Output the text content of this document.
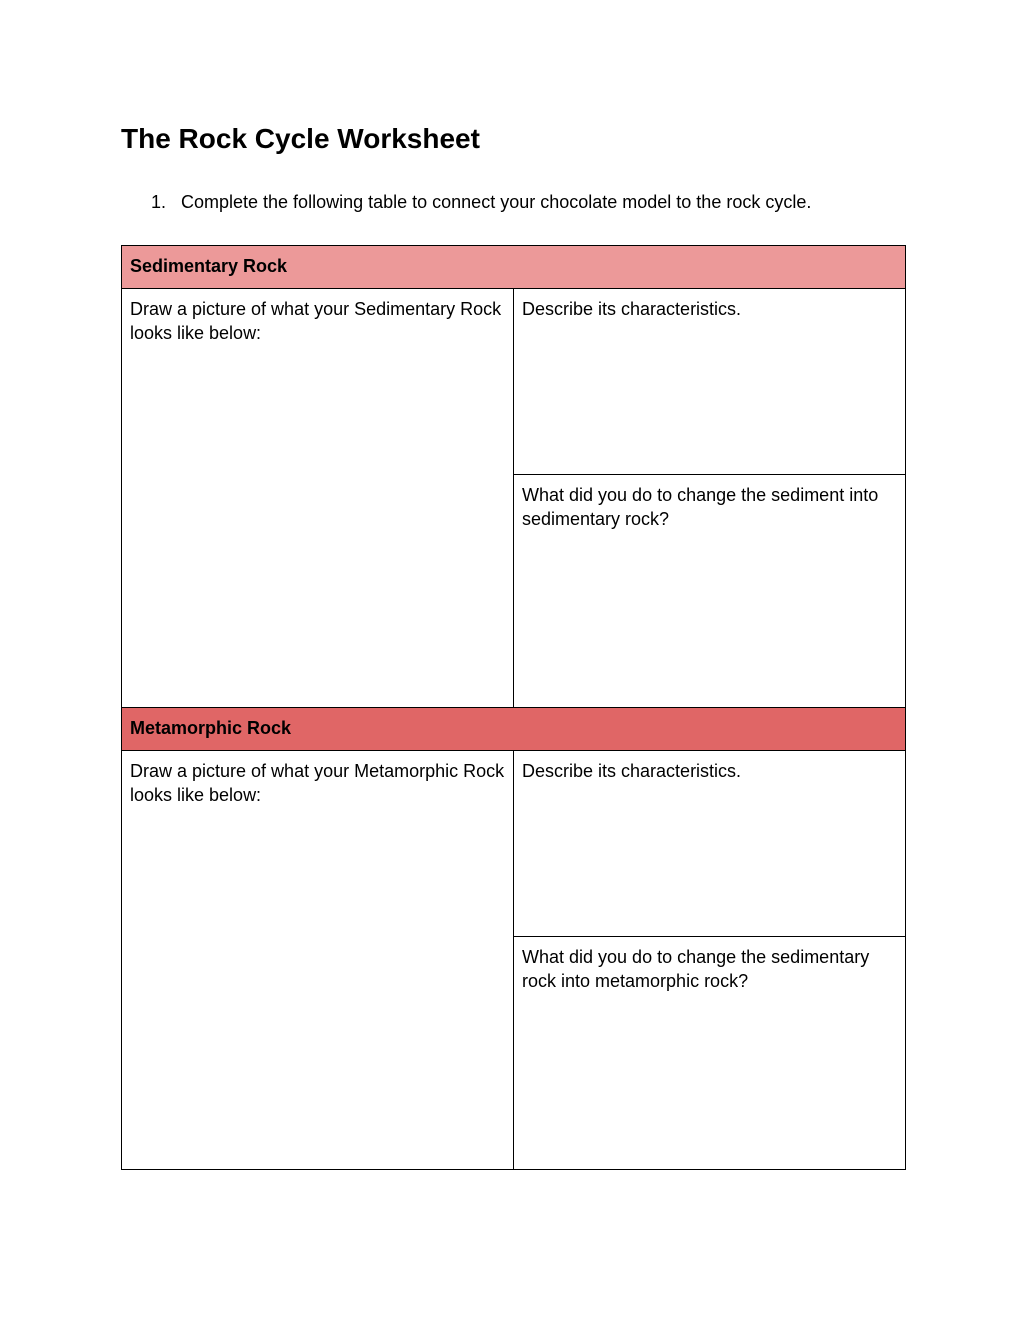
The Rock Cycle Worksheet
1. Complete the following table to connect your chocolate model to the rock cycle.
Sedimentary Rock	

Draw a picture of what your Sedimentary Rock looks like below:	Describe its characteristics.

	What did you do to change the sediment into sedimentary rock?

Metamorphic Rock	

Draw a picture of what your Metamorphic Rock looks like below:	Describe its characteristics.

	What did you do to change the sedimentary rock into metamorphic rock?
